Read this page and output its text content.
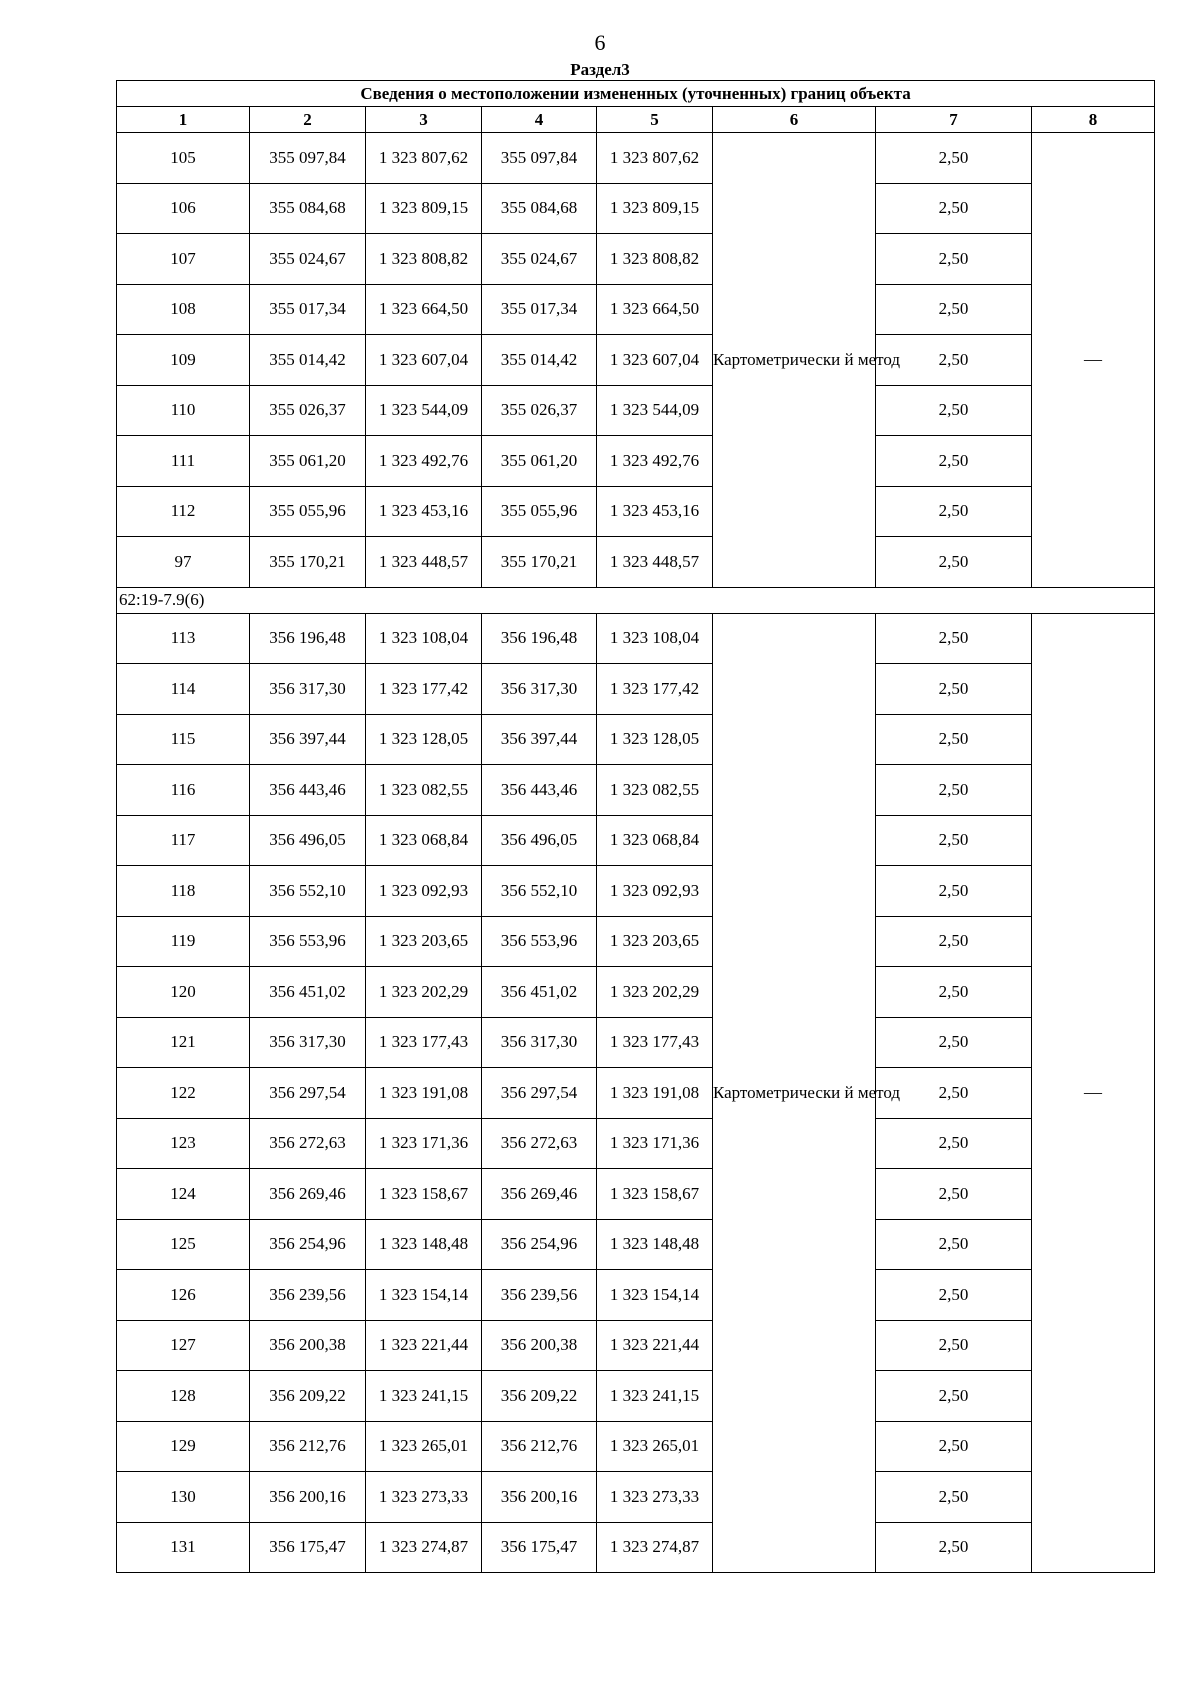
6
Раздел3
Сведения о местоположении измененных (уточненных) границ объекта							
1	2	3	4	5	6	7	8
105	355 097,84	1 323 807,62	355 097,84	1 323 807,62	Картометрически й метод	2,50	—
106	355 084,68	1 323 809,15	355 084,68	1 323 809,15		2,50	
107	355 024,67	1 323 808,82	355 024,67	1 323 808,82		2,50	
108	355 017,34	1 323 664,50	355 017,34	1 323 664,50		2,50	
109	355 014,42	1 323 607,04	355 014,42	1 323 607,04		2,50	
110	355 026,37	1 323 544,09	355 026,37	1 323 544,09		2,50	
111	355 061,20	1 323 492,76	355 061,20	1 323 492,76		2,50	
112	355 055,96	1 323 453,16	355 055,96	1 323 453,16		2,50	
97	355 170,21	1 323 448,57	355 170,21	1 323 448,57		2,50	
62:19-7.9(6)							
113	356 196,48	1 323 108,04	356 196,48	1 323 108,04	Картометрически й метод	2,50	—
114	356 317,30	1 323 177,42	356 317,30	1 323 177,42		2,50	
115	356 397,44	1 323 128,05	356 397,44	1 323 128,05		2,50	
116	356 443,46	1 323 082,55	356 443,46	1 323 082,55		2,50	
117	356 496,05	1 323 068,84	356 496,05	1 323 068,84		2,50	
118	356 552,10	1 323 092,93	356 552,10	1 323 092,93		2,50	
119	356 553,96	1 323 203,65	356 553,96	1 323 203,65		2,50	
120	356 451,02	1 323 202,29	356 451,02	1 323 202,29		2,50	
121	356 317,30	1 323 177,43	356 317,30	1 323 177,43		2,50	
122	356 297,54	1 323 191,08	356 297,54	1 323 191,08		2,50	
123	356 272,63	1 323 171,36	356 272,63	1 323 171,36		2,50	
124	356 269,46	1 323 158,67	356 269,46	1 323 158,67		2,50	
125	356 254,96	1 323 148,48	356 254,96	1 323 148,48		2,50	
126	356 239,56	1 323 154,14	356 239,56	1 323 154,14		2,50	
127	356 200,38	1 323 221,44	356 200,38	1 323 221,44		2,50	
128	356 209,22	1 323 241,15	356 209,22	1 323 241,15		2,50	
129	356 212,76	1 323 265,01	356 212,76	1 323 265,01		2,50	
130	356 200,16	1 323 273,33	356 200,16	1 323 273,33		2,50	
131	356 175,47	1 323 274,87	356 175,47	1 323 274,87		2,50	
